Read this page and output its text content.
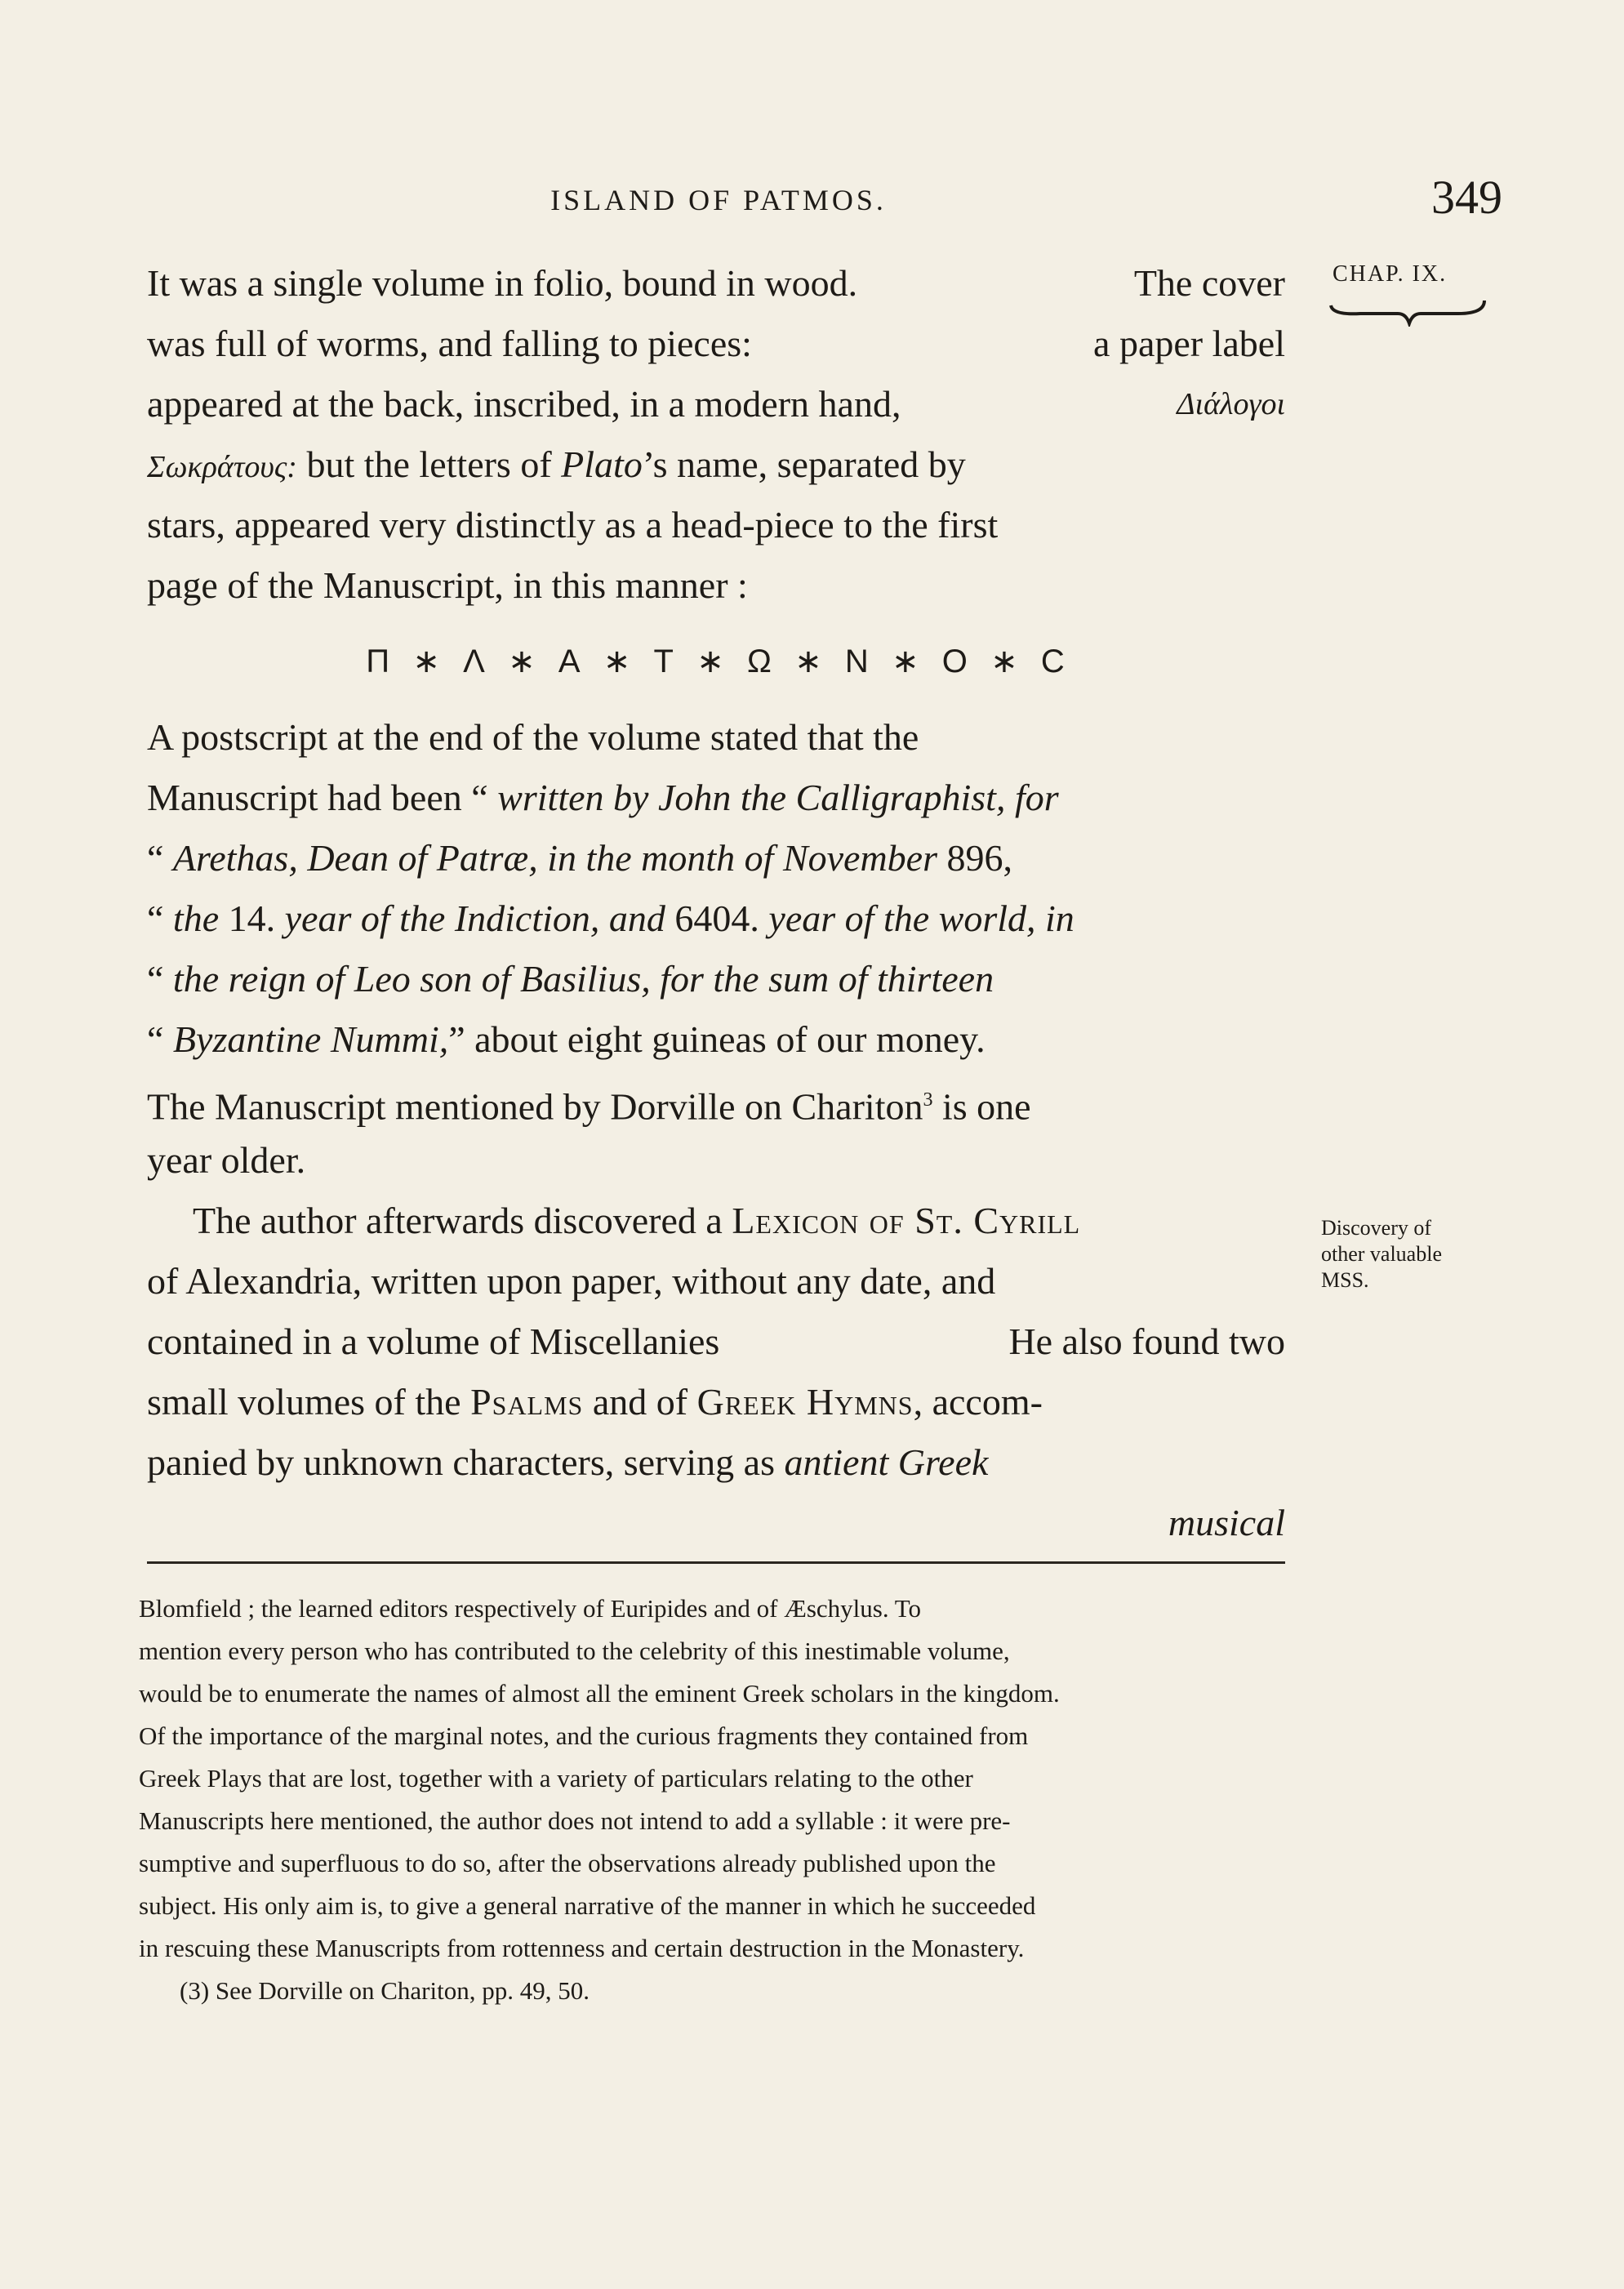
ISLAND OF PATMOS.	349
CHAP. IX.
It was a single volume in folio, bound in wood.	The cover
was full of worms, and falling to pieces:	a paper label
appeared at the back, inscribed, in a modern hand,	Διάλογοι
Σωκράτους: but the letters of Plato’s name, separated by
stars, appeared very distinctly as a head-piece to the first
page of the Manuscript, in this manner :
Π
∗
Λ
∗
Α
∗
Τ
∗
Ω
∗
Ν
∗
Ο
∗
C
A postscript at the end of the volume stated that the
Manuscript had been “ written by John the Calligraphist, for
“ Arethas, Dean of Patræ, in the month of November 896,
“ the 14. year of the Indiction, and 6404. year of the world, in
“ the reign of Leo son of Basilius, for the sum of thirteen
“ Byzantine Nummi,” about eight guineas of our money.
The Manuscript mentioned by Dorville on Chariton$^3$ is one
year older.
The author afterwards discovered a Lexicon of St. Cyrill
of Alexandria, written upon paper, without any date, and
contained in a volume of Miscellanies	He also found two
small volumes of the Psalms and of Greek Hymns, accom-
panied by unknown characters, serving as antient Greek
musical
Discovery of
other valuable
MSS.
Blomfield ; the learned editors respectively of Euripides and of Æschylus. To
mention every person who has contributed to the celebrity of this inestimable volume,
would be to enumerate the names of almost all the eminent Greek scholars in the kingdom.
Of the importance of the marginal notes, and the curious fragments they contained from
Greek Plays that are lost, together with a variety of particulars relating to the other
Manuscripts here mentioned, the author does not intend to add a syllable : it were pre-
sumptive and superfluous to do so, after the observations already published upon the
subject. His only aim is, to give a general narrative of the manner in which he succeeded
in rescuing these Manuscripts from rottenness and certain destruction in the Monastery.
(3) See Dorville on Chariton, pp. 49, 50.
